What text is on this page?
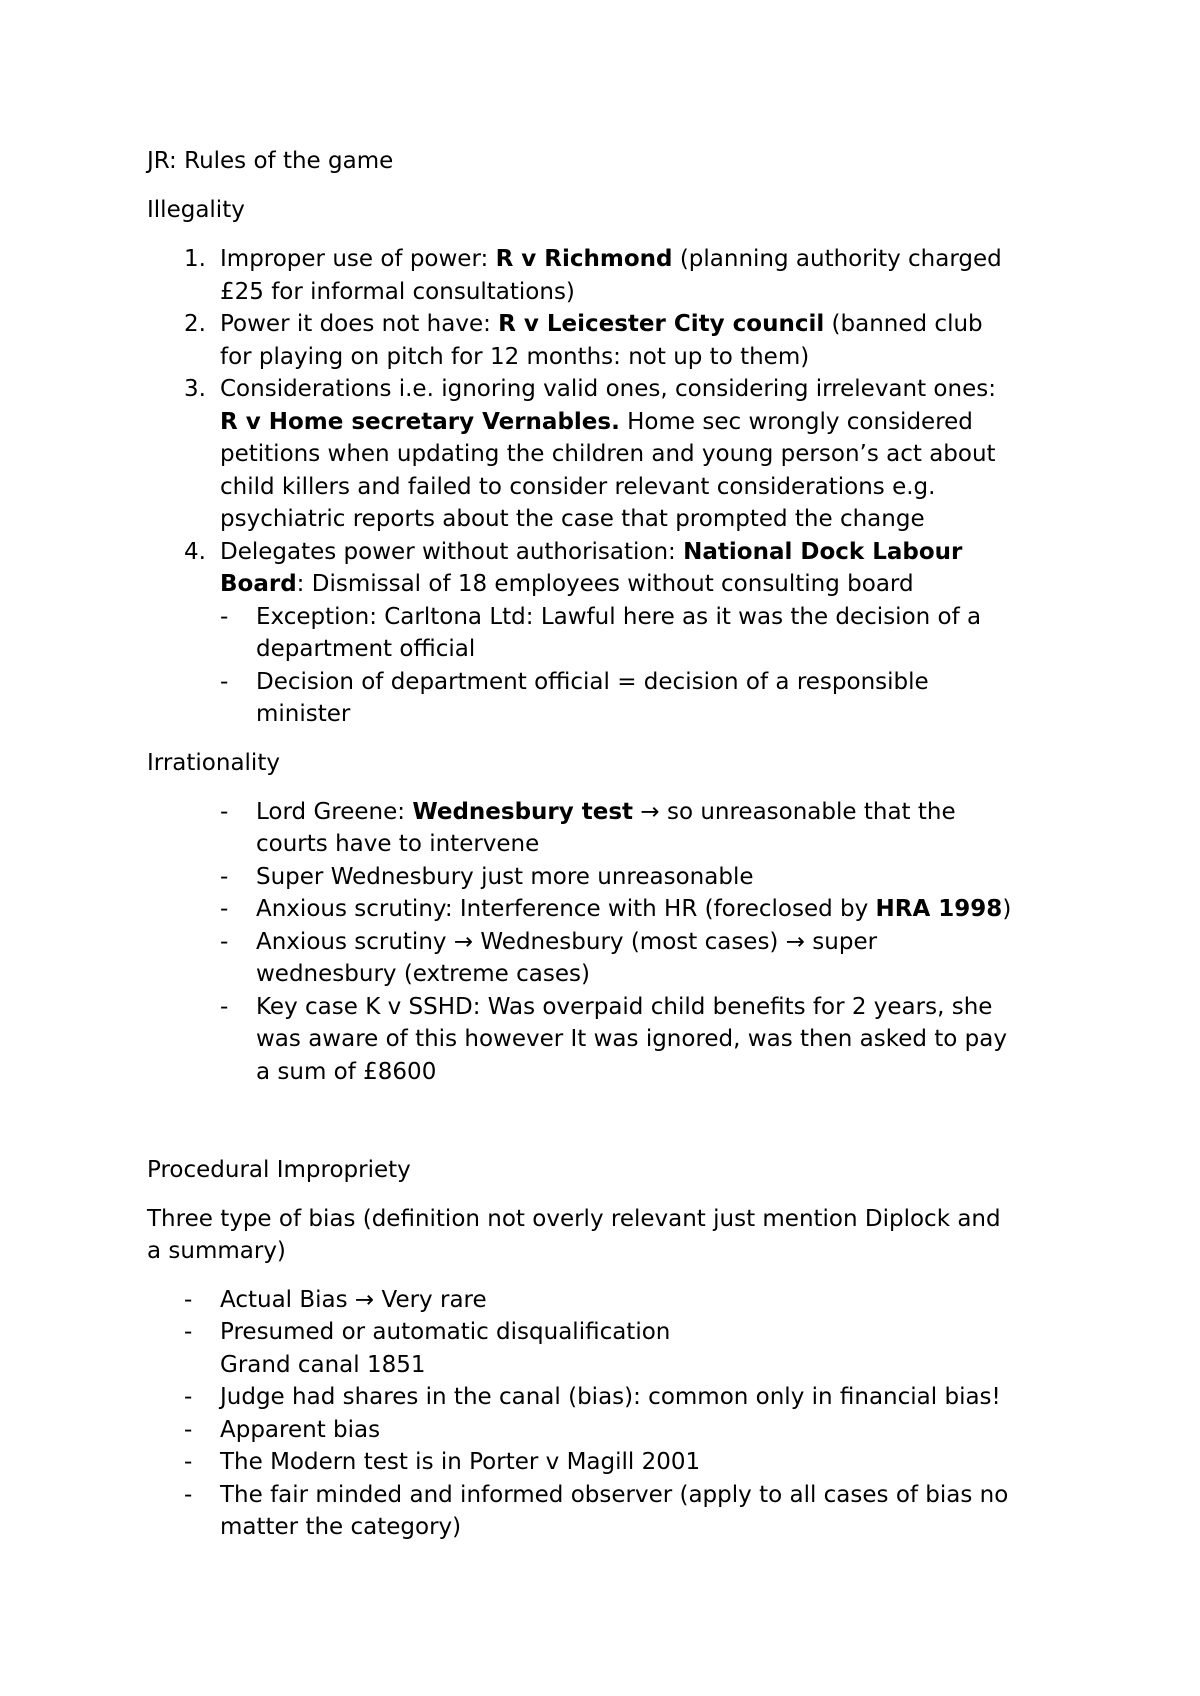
JR: Rules of the game
Illegality
1. Improper use of power: R v Richmond (planning authority charged
£25 for informal consultations)
2. Power it does not have: R v Leicester City council (banned club
for playing on pitch for 12 months: not up to them)
3. Considerations i.e. ignoring valid ones, considering irrelevant ones:
R v Home secretary Vernables. Home sec wrongly considered
petitions when updating the children and young person’s act about
child killers and failed to consider relevant considerations e.g.
psychiatric reports about the case that prompted the change
4. Delegates power without authorisation: National Dock Labour
Board: Dismissal of 18 employees without consulting board
- Exception: Carltona Ltd: Lawful here as it was the decision of a
department official
- Decision of department official = decision of a responsible
minister
Irrationality
- Lord Greene: Wednesbury test → so unreasonable that the
courts have to intervene
- Super Wednesbury just more unreasonable
- Anxious scrutiny: Interference with HR (foreclosed by HRA 1998)
- Anxious scrutiny → Wednesbury (most cases) → super
wednesbury (extreme cases)
- Key case K v SSHD: Was overpaid child benefits for 2 years, she
was aware of this however It was ignored, was then asked to pay
a sum of £8600
Procedural Impropriety
Three type of bias (definition not overly relevant just mention Diplock and
a summary)
- Actual Bias → Very rare
- Presumed or automatic disqualification
Grand canal 1851
- Judge had shares in the canal (bias): common only in financial bias!
- Apparent bias
- The Modern test is in Porter v Magill 2001
- The fair minded and informed observer (apply to all cases of bias no
matter the category)
